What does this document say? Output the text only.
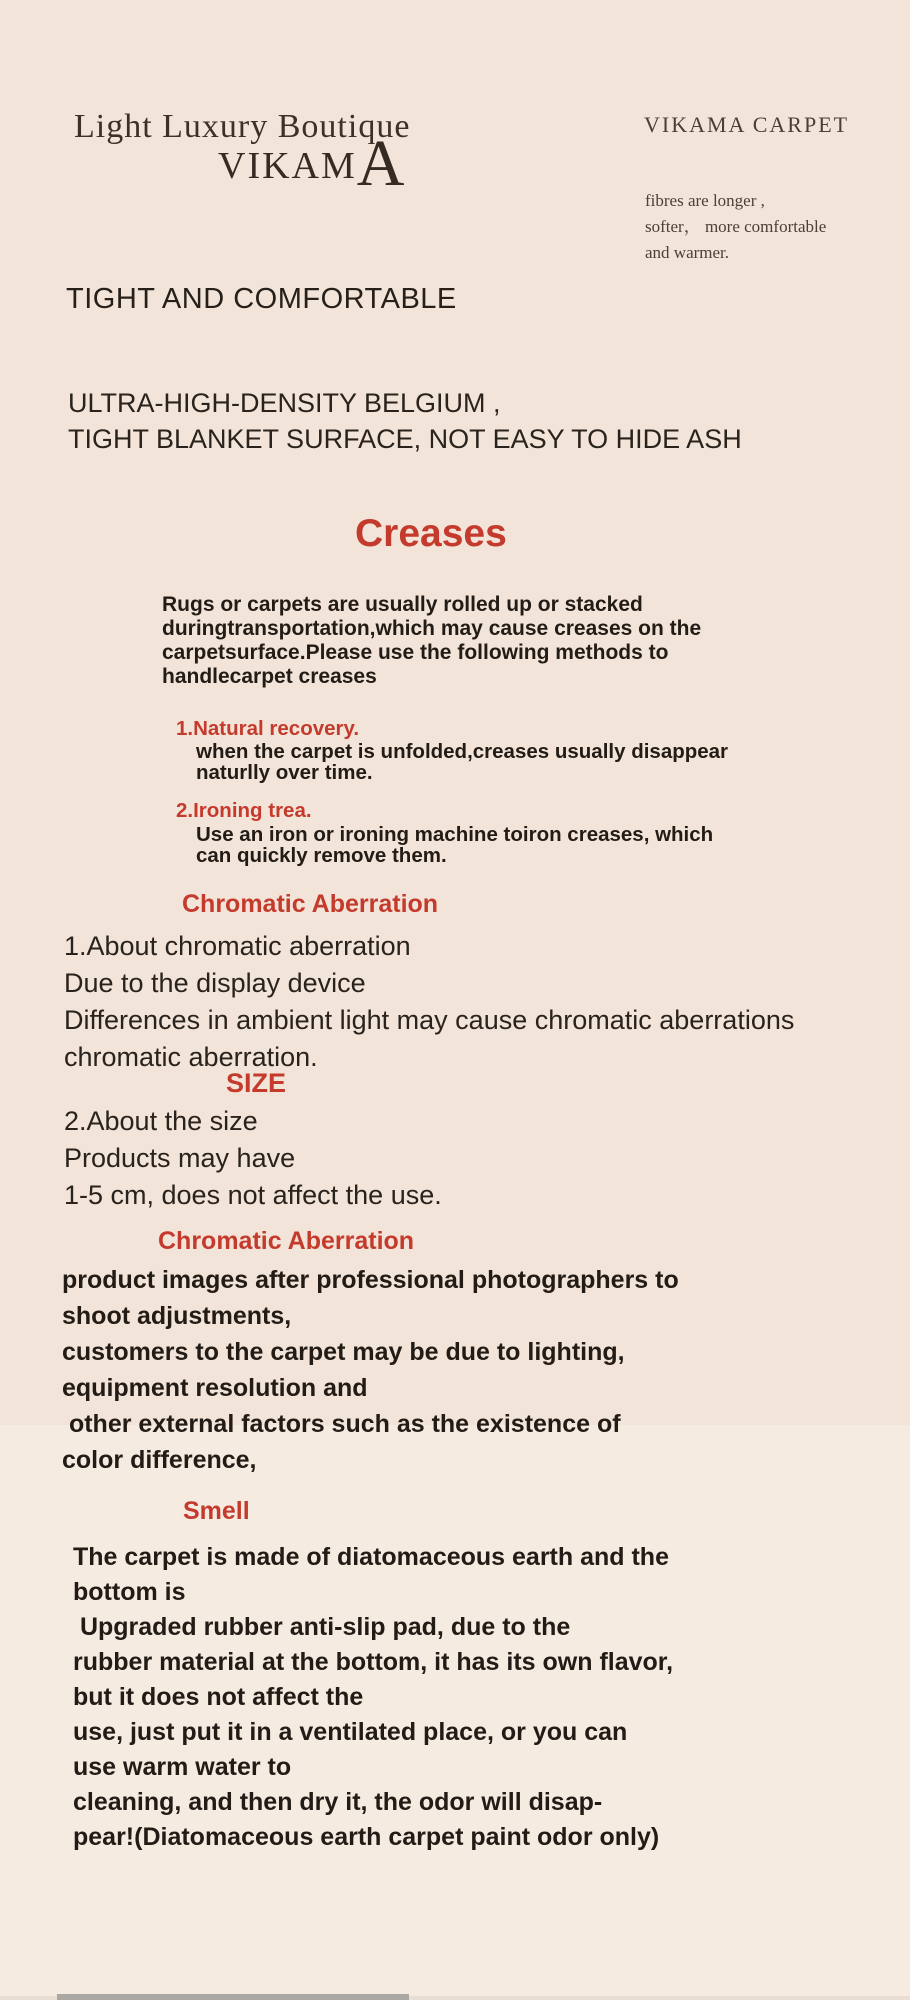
Light Luxury Boutique
VIKAMA
VIKAMA CARPET
fibres are longer ,
softer， more comfortable
and warmer.
TIGHT AND COMFORTABLE
ULTRA-HIGH-DENSITY BELGIUM ,
TIGHT BLANKET SURFACE, NOT EASY TO HIDE ASH
Creases
Rugs or carpets are usually rolled up or stacked
duringtransportation,which may cause creases on the
carpetsurface.Please use the following methods to
handlecarpet creases
1.Natural recovery.
when the carpet is unfolded,creases usually disappear
naturlly over time.
2.Ironing trea.
Use an iron or ironing machine toiron creases, which
can quickly remove them.
Chromatic Aberration
1.About chromatic aberration
Due to the display device
Differences in ambient light may cause chromatic aberrations
chromatic aberration.
SIZE
2.About the size
Products may have
1-5 cm, does not affect the use.
Chromatic Aberration
product images after professional photographers to
shoot adjustments,
customers to the carpet may be due to lighting,
equipment resolution and
other external factors such as the existence of
color difference,
Smell
The carpet is made of diatomaceous earth and the
bottom is
Upgraded rubber anti-slip pad, due to the
rubber material at the bottom, it has its own flavor,
but it does not affect the
use, just put it in a ventilated place, or you can
use warm water to
cleaning, and then dry it, the odor will disap-
pear!(Diatomaceous earth carpet paint odor only)
